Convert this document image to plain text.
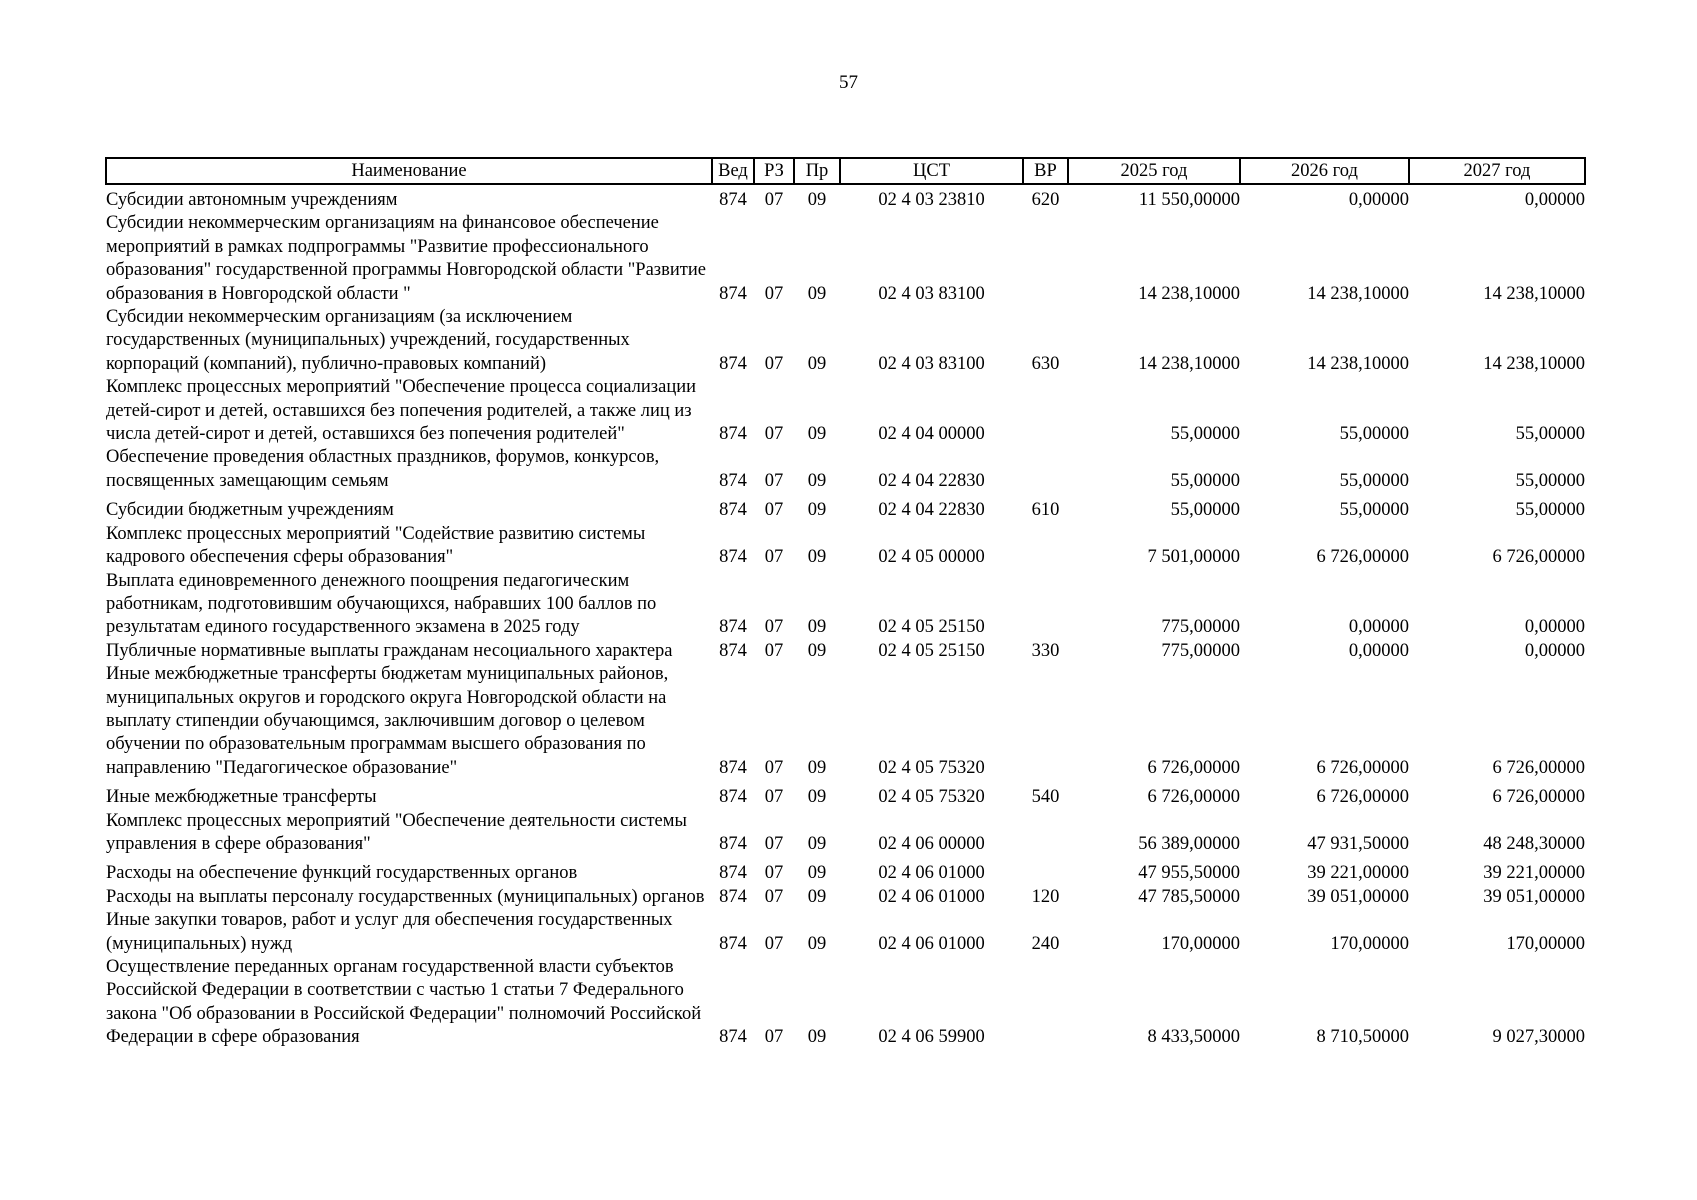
57
Наименование	Вед	РЗ	Пр	ЦСТ	ВР	2025 год	2026 год	2027 год
Субсидии автономным учреждениям	874	07	09	02 4 03 23810	620	11 550,00000	0,00000	0,00000
Субсидии некоммерческим организациям на финансовое обеспечение мероприятий в рамках подпрограммы "Развитие профессионального образования" государственной программы Новгородской области "Развитие образования в Новгородской области "	874	07	09	02 4 03 83100		14 238,10000	14 238,10000	14 238,10000
Субсидии некоммерческим организациям (за исключением государственных (муниципальных) учреждений, государственных корпораций (компаний), публично-правовых компаний)	874	07	09	02 4 03 83100	630	14 238,10000	14 238,10000	14 238,10000
Комплекс процессных мероприятий "Обеспечение процесса социализации детей-сирот и детей, оставшихся без попечения родителей, а также лиц из числа детей-сирот и детей, оставшихся без попечения родителей"	874	07	09	02 4 04 00000		55,00000	55,00000	55,00000
Обеспечение проведения областных праздников, форумов, конкурсов, посвященных замещающим семьям	874	07	09	02 4 04 22830		55,00000	55,00000	55,00000
Субсидии бюджетным учреждениям	874	07	09	02 4 04 22830	610	55,00000	55,00000	55,00000
Комплекс процессных мероприятий "Содействие развитию системы кадрового обеспечения сферы образования"	874	07	09	02 4 05 00000		7 501,00000	6 726,00000	6 726,00000
Выплата единовременного денежного поощрения педагогическим работникам, подготовившим обучающихся, набравших 100 баллов по результатам единого государственного экзамена в 2025 году	874	07	09	02 4 05 25150		775,00000	0,00000	0,00000
Публичные нормативные выплаты гражданам несоциального характера	874	07	09	02 4 05 25150	330	775,00000	0,00000	0,00000
Иные межбюджетные трансферты бюджетам муниципальных районов, муниципальных округов и городского округа Новгородской области на выплату стипендии обучающимся, заключившим договор о целевом обучении по образовательным программам высшего образования по направлению "Педагогическое образование"	874	07	09	02 4 05 75320		6 726,00000	6 726,00000	6 726,00000
Иные межбюджетные трансферты	874	07	09	02 4 05 75320	540	6 726,00000	6 726,00000	6 726,00000
Комплекс процессных мероприятий "Обеспечение деятельности системы управления в сфере образования"	874	07	09	02 4 06 00000		56 389,00000	47 931,50000	48 248,30000
Расходы на обеспечение функций государственных органов	874	07	09	02 4 06 01000		47 955,50000	39 221,00000	39 221,00000
Расходы на выплаты персоналу государственных (муниципальных) органов	874	07	09	02 4 06 01000	120	47 785,50000	39 051,00000	39 051,00000
Иные закупки товаров, работ и услуг для обеспечения государственных (муниципальных) нужд	874	07	09	02 4 06 01000	240	170,00000	170,00000	170,00000
Осуществление переданных органам государственной власти субъектов Российской Федерации в соответствии с частью 1 статьи 7 Федерального закона "Об образовании в Российской Федерации" полномочий Российской Федерации в сфере образования	874	07	09	02 4 06 59900		8 433,50000	8 710,50000	9 027,30000
